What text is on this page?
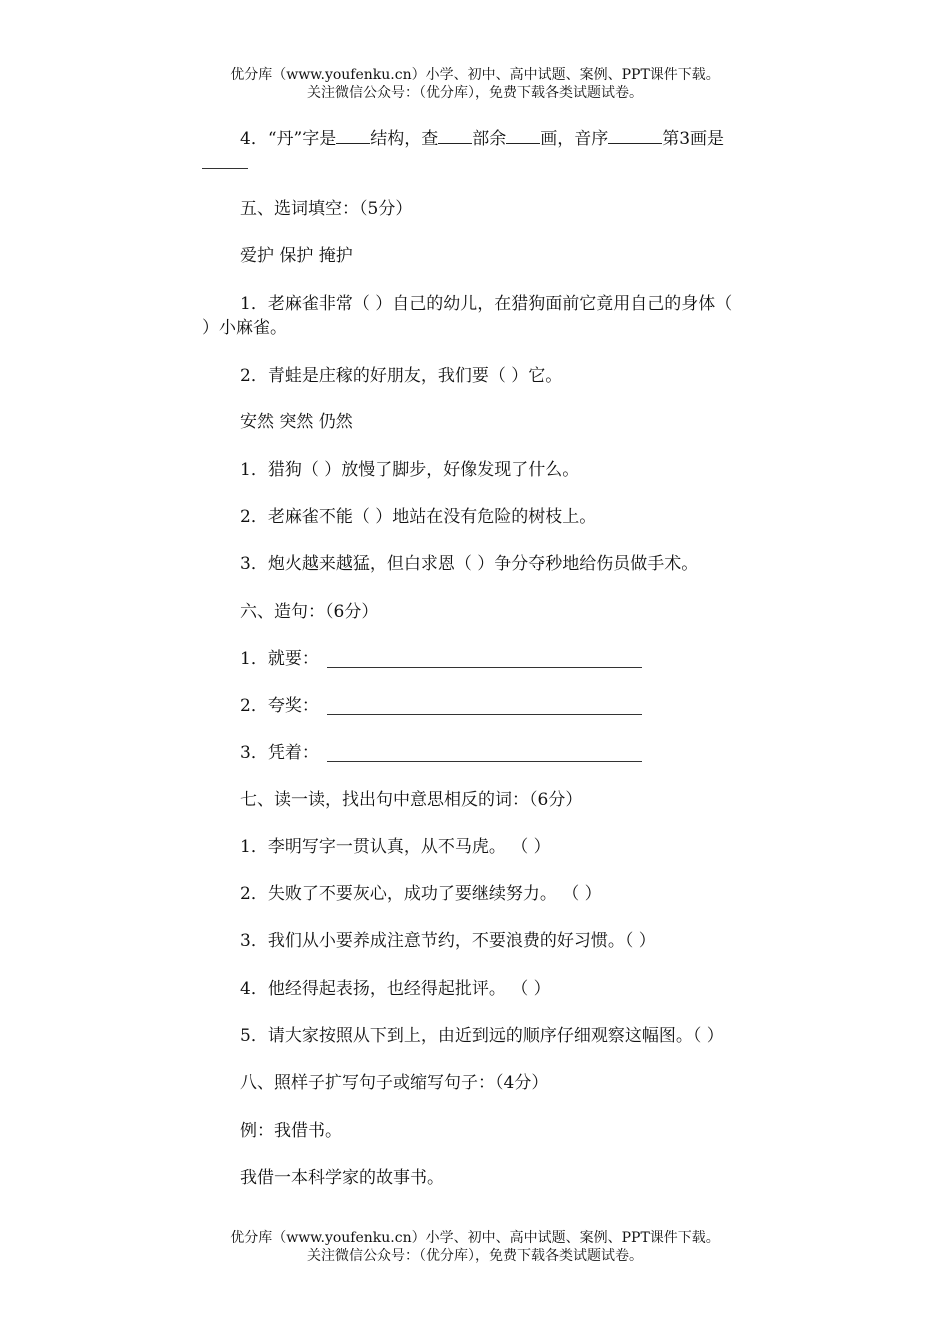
优分库（www.youfenku.cn）小学、初中、高中试题、案例、PPT课件下载。
关注微信公众号：（优分库），免费下载各类试题试卷。
4．“丹”字是 结构，查 部余 画，音序	第3画是
五、选词填空：（5分）
爱护 保护 掩护
1．老麻雀非常（ ）自己的幼儿，在猎狗面前它竟用自己的身体（
）小麻雀。
2．青蛙是庄稼的好朋友，我们要（ ）它。
安然 突然 仍然
1．猎狗（ ）放慢了脚步，好像发现了什么。
2．老麻雀不能（ ）地站在没有危险的树枝上。
3．炮火越来越猛，但白求恩（ ）争分夺秒地给伤员做手术。
六、造句：（6分）
1．就要：
2．夸奖：
3．凭着：
七、读一读，找出句中意思相反的词：（6分）
1．李明写字一贯认真，从不马虎。 （ ）
2．失败了不要灰心，成功了要继续努力。 （ ）
3．我们从小要养成注意节约，不要浪费的好习惯。（ ）
4．他经得起表扬，也经得起批评。 （ ）
5．请大家按照从下到上，由近到远的顺序仔细观察这幅图。（ ）
八、照样子扩写句子或缩写句子：（4分）
例：我借书。
我借一本科学家的故事书。
优分库（www.youfenku.cn）小学、初中、高中试题、案例、PPT课件下载。
关注微信公众号：（优分库），免费下载各类试题试卷。
